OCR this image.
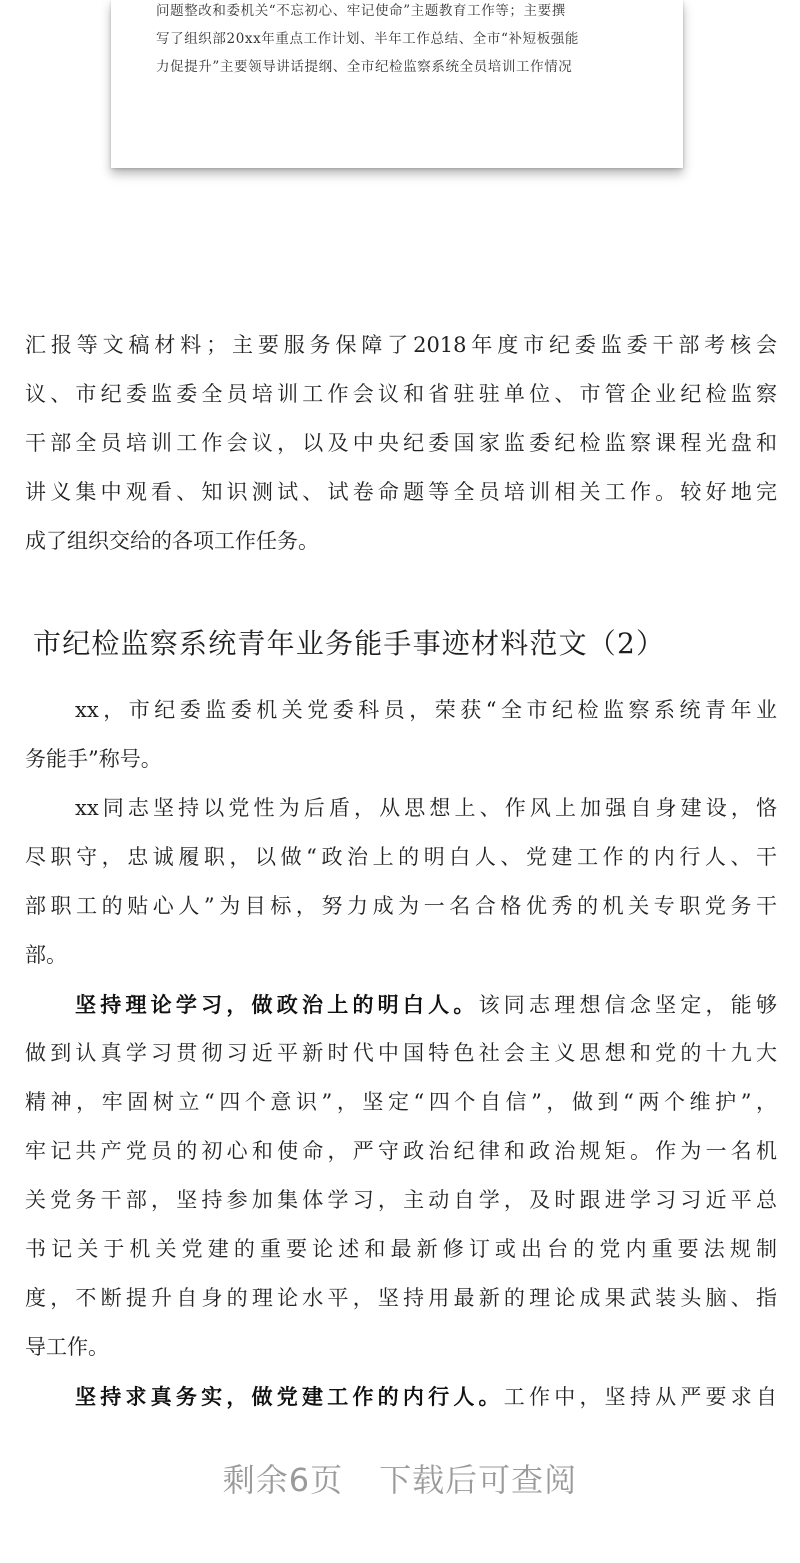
​
问题整改和委机关“不忘初心、牢记使命”主题教育工作等；主要撰
写了组织部20xx年重点工作计划、半年工作总结、全市“补短板强能
力促提升”主要领导讲话提纲、全市纪检监察系统全员培训工作情况
汇报等文稿材料；主要服务保障了2018年度市纪委监委干部考核会
议、市纪委监委全员培训工作会议和省驻驻单位、市管企业纪检监察
干部全员培训工作会议，以及中央纪委国家监委纪检监察课程光盘和
讲义集中观看、知识测试、试卷命题等全员培训相关工作。较好地完
成了组织交给的各项工作任务。
市纪检监察系统青年业务能手事迹材料范文（2）
xx，市纪委监委机关党委科员，荣获“全市纪检监察系统青年业
务能手”称号。
xx同志坚持以党性为后盾，从思想上、作风上加强自身建设，恪
尽职守，忠诚履职，以做“政治上的明白人、党建工作的内行人、干
部职工的贴心人”为目标，努力成为一名合格优秀的机关专职党务干
部。
坚持理论学习，做政治上的明白人。该同志理想信念坚定，能够
做到认真学习贯彻习近平新时代中国特色社会主义思想和党的十九大
精神，牢固树立“四个意识”，坚定“四个自信”，做到“两个维护”，
牢记共产党员的初心和使命，严守政治纪律和政治规矩。作为一名机
关党务干部，坚持参加集体学习，主动自学，及时跟进学习习近平总
书记关于机关党建的重要论述和最新修订或出台的党内重要法规制
度，不断提升自身的理论水平，坚持用最新的理论成果武装头脑、指
导工作。
坚持求真务实，做党建工作的内行人。工作中，坚持从严要求自
剩余6页 下载后可查阅
